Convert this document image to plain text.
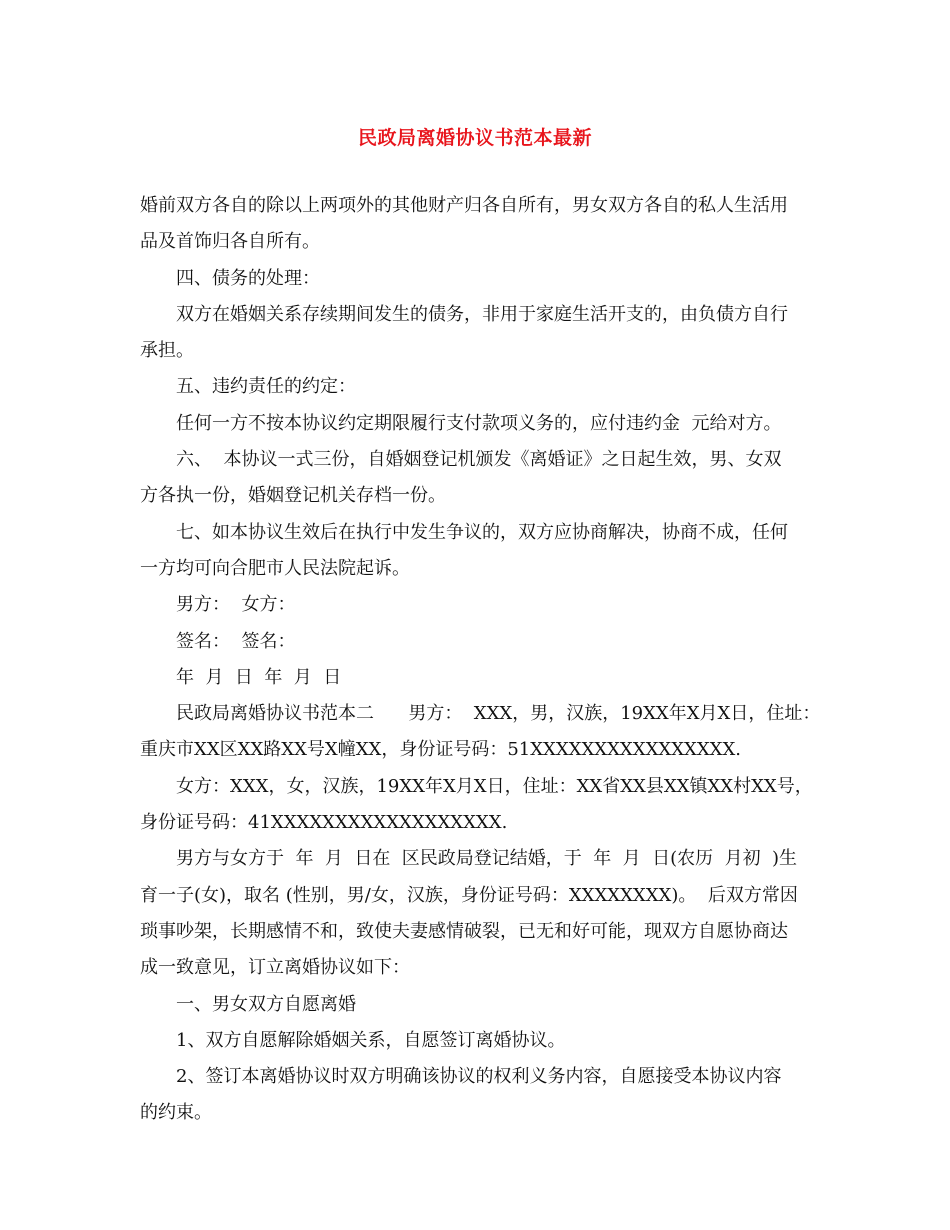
民政局离婚协议书范本最新
婚前双方各自的除以上两项外的其他财产归各自所有，男女双方各自的私人生活用
品及首饰归各自所有。
四、债务的处理：
双方在婚姻关系存续期间发生的债务，非用于家庭生活开支的，由负债方自行
承担。
五、违约责任的约定：
任何一方不按本协议约定期限履行支付款项义务的，应付违约金  元给对方。
六、  本协议一式三份，自婚姻登记机颁发《离婚证》之日起生效，男、女双
方各执一份，婚姻登记机关存档一份。
七、如本协议生效后在执行中发生争议的，双方应协商解决，协商不成，任何
一方均可向合肥市人民法院起诉。
男方：  女方：
签名：  签名：
年  月  日  年  月  日
民政局离婚协议书范本二      男方：  XXX，男，汉族，19XX年X月X日，住址：
重庆市XX区XX路XX号X幢XX，身份证号码：51XXXXXXXXXXXXXXXX.
女方：XXX，女，汉族，19XX年X月X日，住址：XX省XX县XX镇XX村XX号，
身份证号码：41XXXXXXXXXXXXXXXXXX.
男方与女方于  年  月  日在  区民政局登记结婚，于  年  月  日(农历  月初  )生
育一子(女)，取名 (性别，男/女，汉族，身份证号码：XXXXXXXX)。  后双方常因
琐事吵架，长期感情不和，致使夫妻感情破裂，已无和好可能，现双方自愿协商达
成一致意见，订立离婚协议如下：
一、男女双方自愿离婚
1、双方自愿解除婚姻关系，自愿签订离婚协议。
2、签订本离婚协议时双方明确该协议的权利义务内容，自愿接受本协议内容
的约束。
